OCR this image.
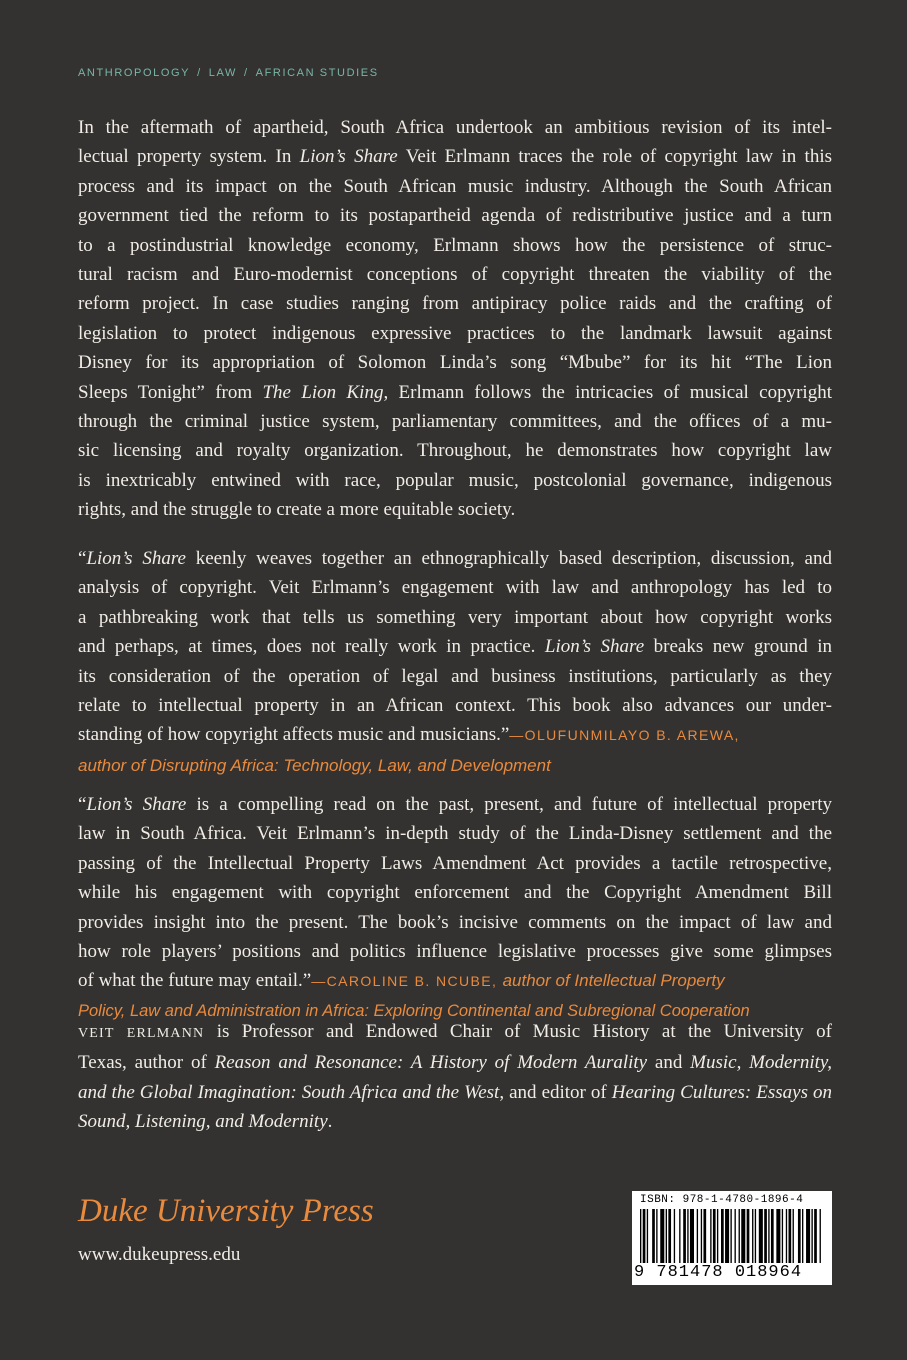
ANTHROPOLOGY / LAW / AFRICAN STUDIES
In the aftermath of apartheid, South Africa undertook an ambitious revision of its intel-
lectual property system. In Lion’s Share Veit Erlmann traces the role of copyright law in this
process and its impact on the South African music industry. Although the South African
government tied the reform to its postapartheid agenda of redistributive justice and a turn
to a postindustrial knowledge economy, Erlmann shows how the persistence of struc-
tural racism and Euro-modernist conceptions of copyright threaten the viability of the
reform project. In case studies ranging from antipiracy police raids and the crafting of
legislation to protect indigenous expressive practices to the landmark lawsuit against
Disney for its appropriation of Solomon Linda’s song “Mbube” for its hit “The Lion
Sleeps Tonight” from The Lion King, Erlmann follows the intricacies of musical copyright
through the criminal justice system, parliamentary committees, and the offices of a mu-
sic licensing and royalty organization. Throughout, he demonstrates how copyright law
is inextricably entwined with race, popular music, postcolonial governance, indigenous
rights, and the struggle to create a more equitable society.
“Lion’s Share keenly weaves together an ethnographically based description, discussion, and
analysis of copyright. Veit Erlmann’s engagement with law and anthropology has led to
a pathbreaking work that tells us something very important about how copyright works
and perhaps, at times, does not really work in practice. Lion’s Share breaks new ground in
its consideration of the operation of legal and business institutions, particularly as they
relate to intellectual property in an African context. This book also advances our under-
standing of how copyright affects music and musicians.”—OLUFUNMILAYO B. AREWA,
author of Disrupting Africa: Technology, Law, and Development
“Lion’s Share is a compelling read on the past, present, and future of intellectual property
law in South Africa. Veit Erlmann’s in-depth study of the Linda-Disney settlement and the
passing of the Intellectual Property Laws Amendment Act provides a tactile retrospective,
while his engagement with copyright enforcement and the Copyright Amendment Bill
provides insight into the present. The book’s incisive comments on the impact of law and
how role players’ positions and politics influence legislative processes give some glimpses
of what the future may entail.”—CAROLINE B. NCUBE, author of Intellectual Property
Policy, Law and Administration in Africa: Exploring Continental and Subregional Cooperation
VEIT ERLMANN is Professor and Endowed Chair of Music History at the University of
Texas, author of Reason and Resonance: A History of Modern Aurality and Music, Modernity,
and the Global Imagination: South Africa and the West, and editor of Hearing Cultures: Essays on
Sound, Listening, and Modernity.
Duke University Press
www.dukeupress.edu
ISBN: 978-1-4780-1896-4
9 781478 018964
